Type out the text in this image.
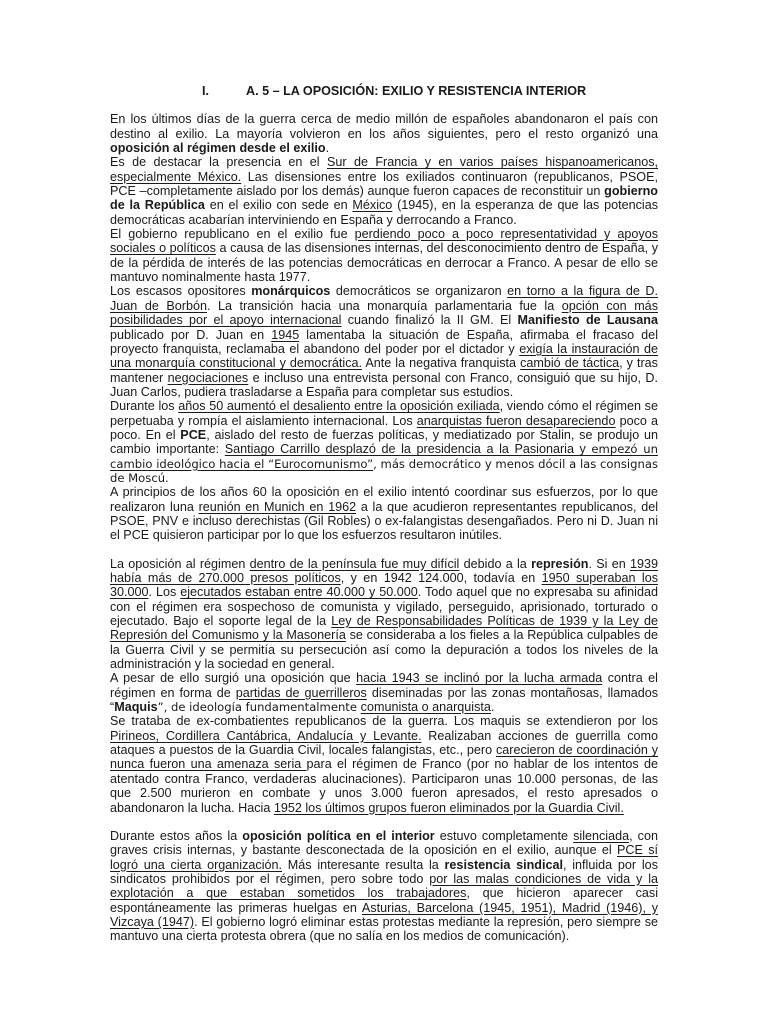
I.	A. 5 – LA OPOSICIÓN: EXILIO Y RESISTENCIA INTERIOR

En los últimos días de la guerra cerca de medio millón de españoles abandonaron el país con destino al exilio. La mayoría volvieron en los años siguientes, pero el resto organizó una oposición al régimen desde el exilio.

Es de destacar la presencia en el Sur de Francia y en varios países hispanoamericanos, especialmente México. Las disensiones entre los exiliados continuaron (republicanos, PSOE, PCE –completamente aislado por los demás) aunque fueron capaces de reconstituir un gobierno de la República en el exilio con sede en México (1945), en la esperanza de que las potencias democráticas acabarían interviniendo en España y derrocando a Franco.

El gobierno republicano en el exilio fue perdiendo poco a poco representatividad y apoyos sociales o políticos a causa de las disensiones internas, del desconocimiento dentro de España, y de la pérdida de interés de las potencias democráticas en derrocar a Franco. A pesar de ello se mantuvo nominalmente hasta 1977.

Los escasos opositores monárquicos democráticos se organizaron en torno a la figura de D. Juan de Borbón. La transición hacia una monarquía parlamentaria fue la opción con más posibilidades por el apoyo internacional cuando finalizó la II GM. El Manifiesto de Lausana publicado por D. Juan en 1945 lamentaba la situación de España, afirmaba el fracaso del proyecto franquista, reclamaba el abandono del poder por el dictador y exigía la instauración de una monarquía constitucional y democrática. Ante la negativa franquista cambió de táctica, y tras mantener negociaciones e incluso una entrevista personal con Franco, consiguió que su hijo, D. Juan Carlos, pudiera trasladarse a España para completar sus estudios.

Durante los años 50 aumentó el desaliento entre la oposición exiliada, viendo cómo el régimen se perpetuaba y rompía el aislamiento internacional. Los anarquistas fueron desapareciendo poco a poco. En el PCE, aislado del resto de fuerzas políticas, y mediatizado por Stalin, se produjo un cambio importante: Santiago Carrillo desplazó de la presidencia a la Pasionaria y empezó un cambio ideológico hacia el “Eurocomunismo”, más democrático y menos dócil a las consignas de Moscú.

A principios de los años 60 la oposición en el exilio intentó coordinar sus esfuerzos, por lo que realizaron luna reunión en Munich en 1962 a la que acudieron representantes republicanos, del PSOE, PNV e incluso derechistas (Gil Robles) o ex-falangistas desengañados. Pero ni D. Juan ni el PCE quisieron participar por lo que los esfuerzos resultaron inútiles.

La oposición al régimen dentro de la península fue muy difícil debido a la represión. Si en 1939 había más de 270.000 presos políticos, y en 1942 124.000, todavía en 1950 superaban los 30.000. Los ejecutados estaban entre 40.000 y 50.000. Todo aquel que no expresaba su afinidad con el régimen era sospechoso de comunista y vigilado, perseguido, aprisionado, torturado o ejecutado. Bajo el soporte legal de la Ley de Responsabilidades Políticas de 1939 y la Ley de Represión del Comunismo y la Masonería se consideraba a los fieles a la República culpables de la Guerra Civil y se permitía su persecución así como la depuración a todos los niveles de la administración y la sociedad en general.

A pesar de ello surgió una oposición que hacia 1943 se inclinó por la lucha armada contra el régimen en forma de partidas de guerrilleros diseminadas por las zonas montañosas, llamados “Maquis”, de ideología fundamentalmente comunista o anarquista.

Se trataba de ex-combatientes republicanos de la guerra. Los maquis se extendieron por los Pirineos, Cordillera Cantábrica, Andalucía y Levante. Realizaban acciones de guerrilla como ataques a puestos de la Guardia Civil, locales falangistas, etc., pero carecieron de coordinación y nunca fueron una amenaza seria para el régimen de Franco (por no hablar de los intentos de atentado contra Franco, verdaderas alucinaciones). Participaron unas 10.000 personas, de las que 2.500 murieron en combate y unos 3.000 fueron apresados, el resto apresados o abandonaron la lucha. Hacia 1952 los últimos grupos fueron eliminados por la Guardia Civil.

Durante estos años la oposición política en el interior estuvo completamente silenciada, con graves crisis internas, y bastante desconectada de la oposición en el exilio, aunque el PCE sí logró una cierta organización. Más interesante resulta la resistencia sindical, influida por los sindicatos prohibidos por el régimen, pero sobre todo por las malas condiciones de vida y la explotación a que estaban sometidos los trabajadores, que hicieron aparecer casi espontáneamente las primeras huelgas en Asturias, Barcelona (1945, 1951), Madrid (1946), y Vizcaya (1947). El gobierno logró eliminar estas protestas mediante la represión, pero siempre se mantuvo una cierta protesta obrera (que no salía en los medios de comunicación).
